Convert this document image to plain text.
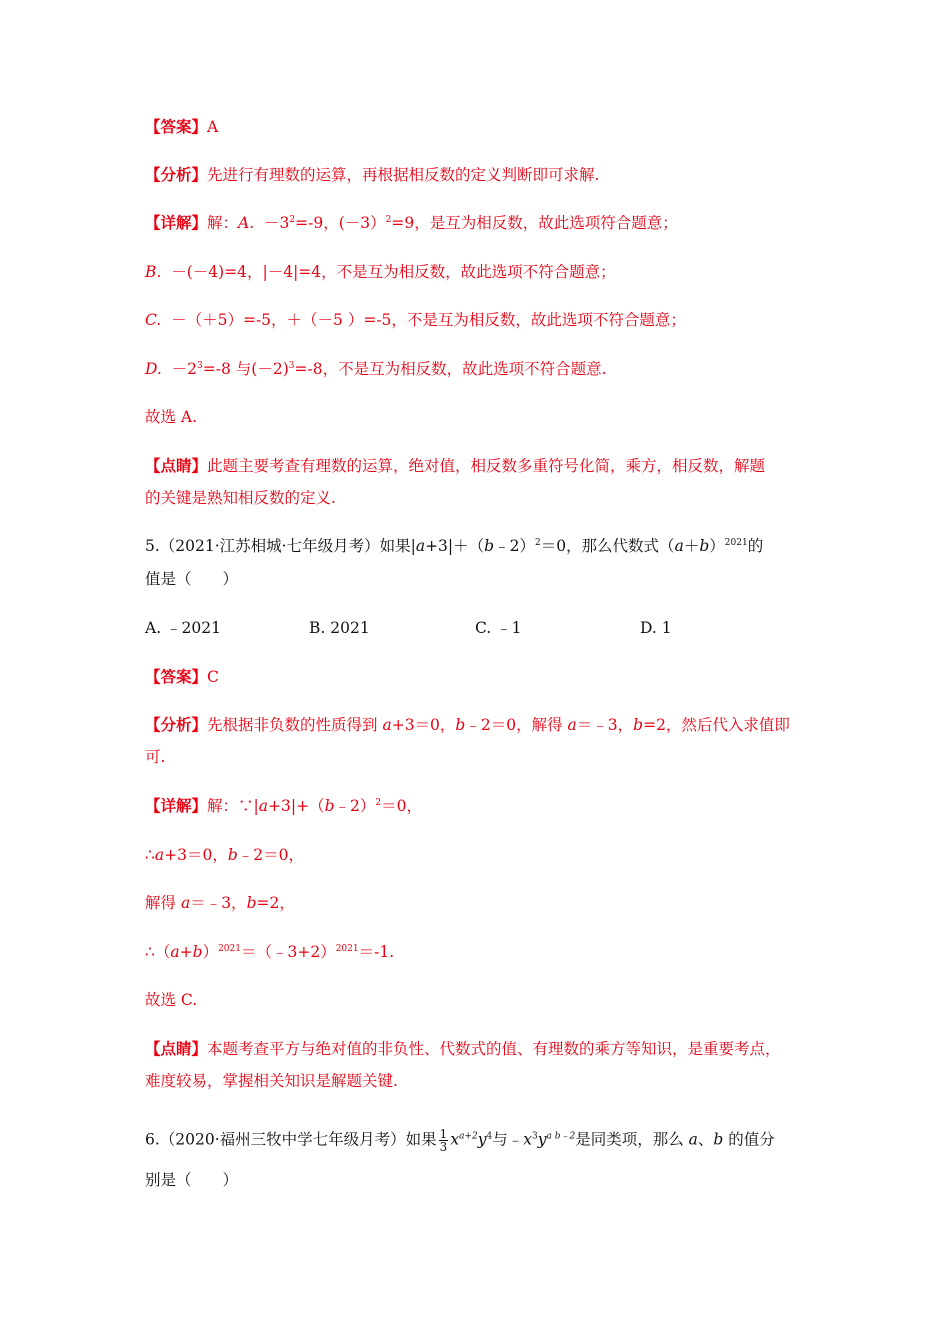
【答案】A
【分析】先进行有理数的运算，再根据相反数的定义判断即可求解.
【详解】解：A. $-3^2=-9$，(－3）$^2$=9，是互为相反数，故此选项符合题意；
B. －(－4)=4，|－4|=4，不是互为相反数，故此选项不符合题意；
C. －（＋5）=-5，＋（－5 ）=-5，不是互为相反数，故此选项不符合题意；
D. $-2^3=-8$ 与$(-2)^3=-8$，不是互为相反数，故此选项不符合题意.
故选 A.
【点睛】此题主要考查有理数的运算，绝对值，相反数多重符号化简，乘方，相反数，解题
的关键是熟知相反数的定义.
5.（2021·江苏相城·七年级月考）如果|a+3|＋（b﹣2）$^2$＝0，那么代数式$(a+b)^{2021}$的
值是（　　）
A. ﹣2021	B. 2021	C. ﹣1	D. 1
【答案】C
【分析】先根据非负数的性质得到 a+3＝0，b﹣2＝0，解得 a＝﹣3，b=2，然后代入求值即
可.
【详解】解：∵|a+3|+（b﹣2）$^2$＝0，
∴a+3＝0，b﹣2＝0，
解得 a＝﹣3，b=2，
$\therefore(a+b)^{2021}=(﹣3+2)^{2021}=-1$.
故选 C.
【点睛】本题考查平方与绝对值的非负性、代数式的值、有理数的乘方等知识，是重要考点，
难度较易，掌握相关知识是解题关键.
6.（2020·福州三牧中学七年级月考）如果 $\frac{1}{3} x^{a+2}y^4$与$﹣x^3y^{a b﹣2}$是同类项，那么 a、b 的值分
别是（　　）
